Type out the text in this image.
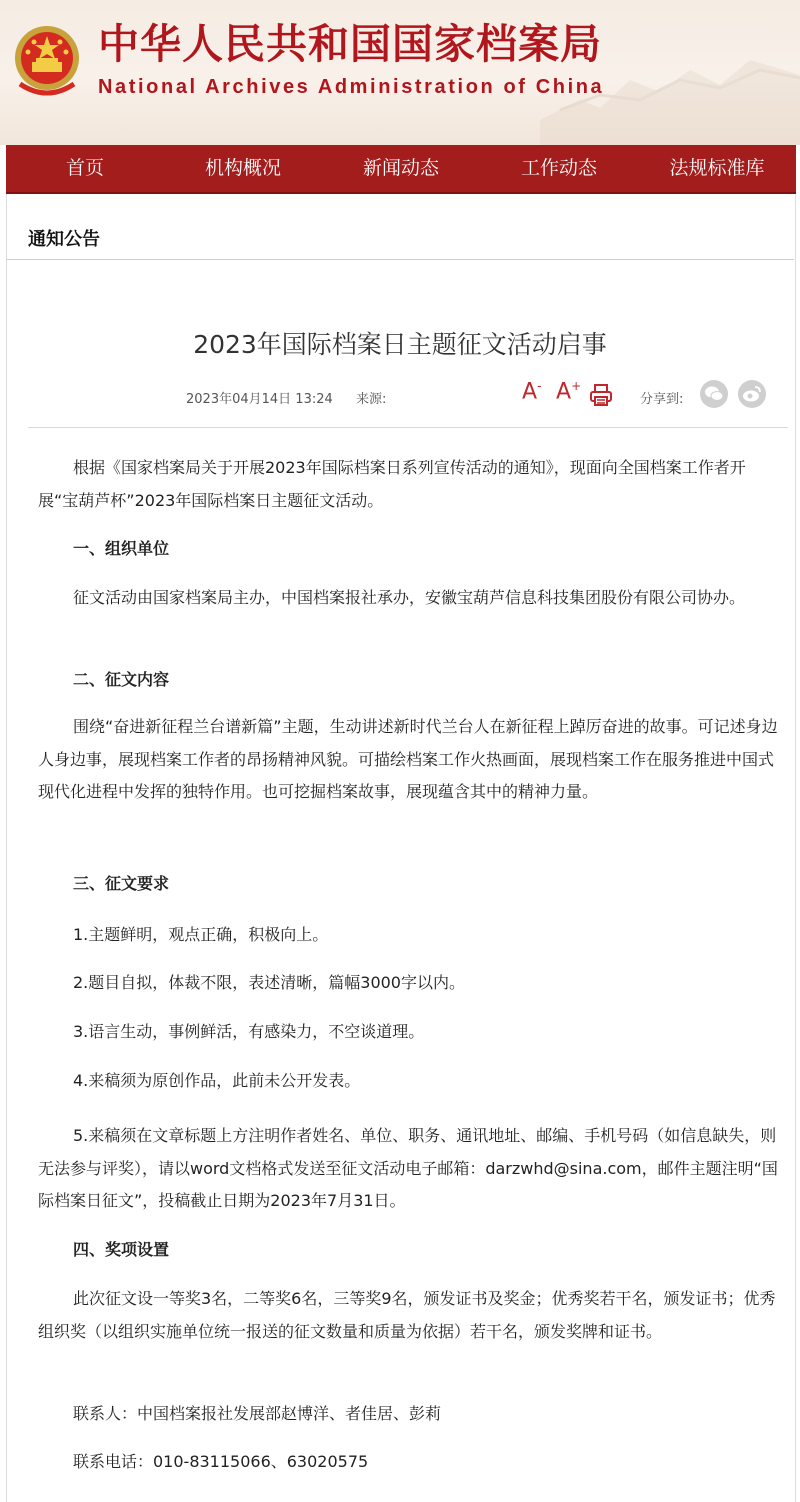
中华人民共和国国家档案局
National Archives Administration of China
首页	机构概况	新闻动态	工作动态	法规标准库
通知公告
2023年国际档案日主题征文活动启事
2023年04月14日 13:24 来源:	A- A+
分享到:

根据《国家档案局关于开展2023年国际档案日系列宣传活动的通知》，现面向全国档案工作者开展“宝葫芦杯”2023年国际档案日主题征文活动。

一、组织单位

征文活动由国家档案局主办，中国档案报社承办，安徽宝葫芦信息科技集团股份有限公司协办。

二、征文内容

围绕“奋进新征程兰台谱新篇”主题，生动讲述新时代兰台人在新征程上踔厉奋进的故事。可记述身边人身边事，展现档案工作者的昂扬精神风貌。可描绘档案工作火热画面，展现档案工作在服务推进中国式现代化进程中发挥的独特作用。也可挖掘档案故事，展现蕴含其中的精神力量。

三、征文要求

1.主题鲜明，观点正确，积极向上。

2.题目自拟，体裁不限，表述清晰，篇幅3000字以内。

3.语言生动，事例鲜活，有感染力，不空谈道理。

4.来稿须为原创作品，此前未公开发表。

5.来稿须在文章标题上方注明作者姓名、单位、职务、通讯地址、邮编、手机号码（如信息缺失，则无法参与评奖），请以word文档格式发送至征文活动电子邮箱：darzwhd@sina.com，邮件主题注明“国际档案日征文”，投稿截止日期为2023年7月31日。

四、奖项设置

此次征文设一等奖3名，二等奖6名，三等奖9名，颁发证书及奖金；优秀奖若干名，颁发证书；优秀组织奖（以组织实施单位统一报送的征文数量和质量为依据）若干名，颁发奖牌和证书。

联系人：中国档案报社发展部赵博洋、者佳居、彭莉

联系电话：010-83115066、63020575
